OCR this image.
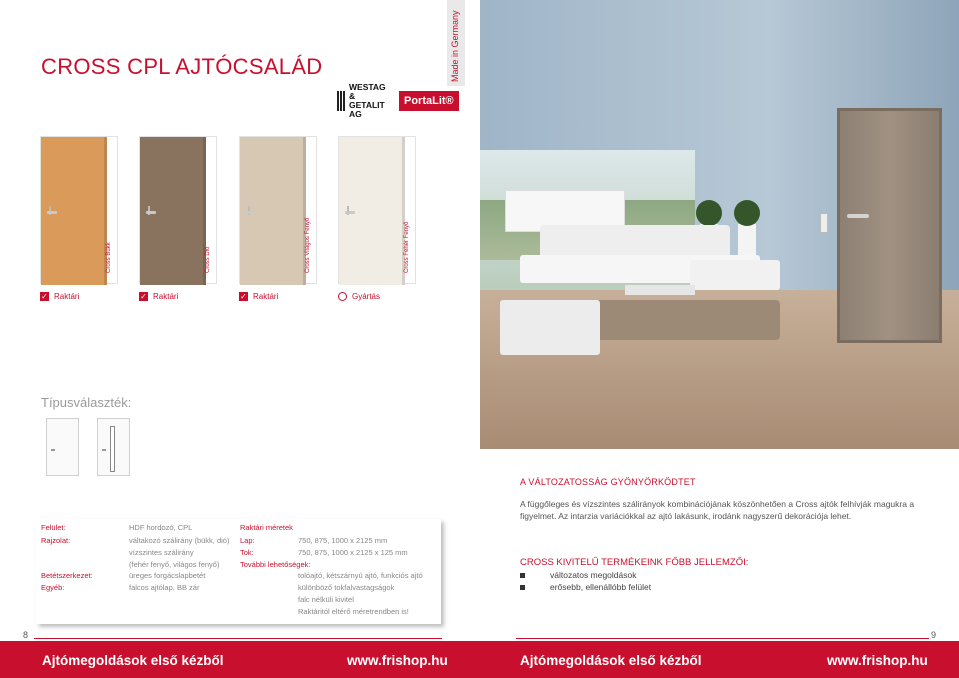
CROSS CPL AJTÓCSALÁD	Made in Germany
WESTAG &
GETALIT AG
PortaLit®
Cross Bükk	Cross Dió	Cross Világos Fenyő	Cross Fehér Fenyő
✓ Raktári	✓ Raktári	✓ Raktári	Gyártás
Típusválaszték:
Felület:	HDF hordozó, CPL
Rajzolat:	váltakozó szálirány (bükk, dió)
vízszintes szálirány
(fehér fenyő, világos fenyő)
Betétszerkezet:	üreges forgácslapbetét
Egyéb:	falcos ajtólap, BB zár
Raktári méretek
Lap:	750, 875, 1000 x 2125 mm
Tok:	750, 875, 1000 x 2125 x 125 mm
További lehetőségek:
tolóajtó, kétszárnyú ajtó, funkciós ajtó
különböző tokfalvastagságok
falc nélküli kivitel
Raktáritól eltérő méretrendben is!
8	9
A VÁLTOZATOSSÁG GYÖNYÖRKÖDTET
A függőleges és vízszintes szálirányok kombinációjának köszönhetően a Cross ajtók felhívják magukra a figyelmet. Az intarzia variációkkal az ajtó lakásunk, irodánk nagyszerű dekorációja lehet.
CROSS KIVITELŰ TERMÉKEINK FŐBB JELLEMZŐI:
változatos megoldások
erősebb, ellenállóbb felület
Ajtómegoldások első kézből	www.frishop.hu	Ajtómegoldások első kézből	www.frishop.hu
